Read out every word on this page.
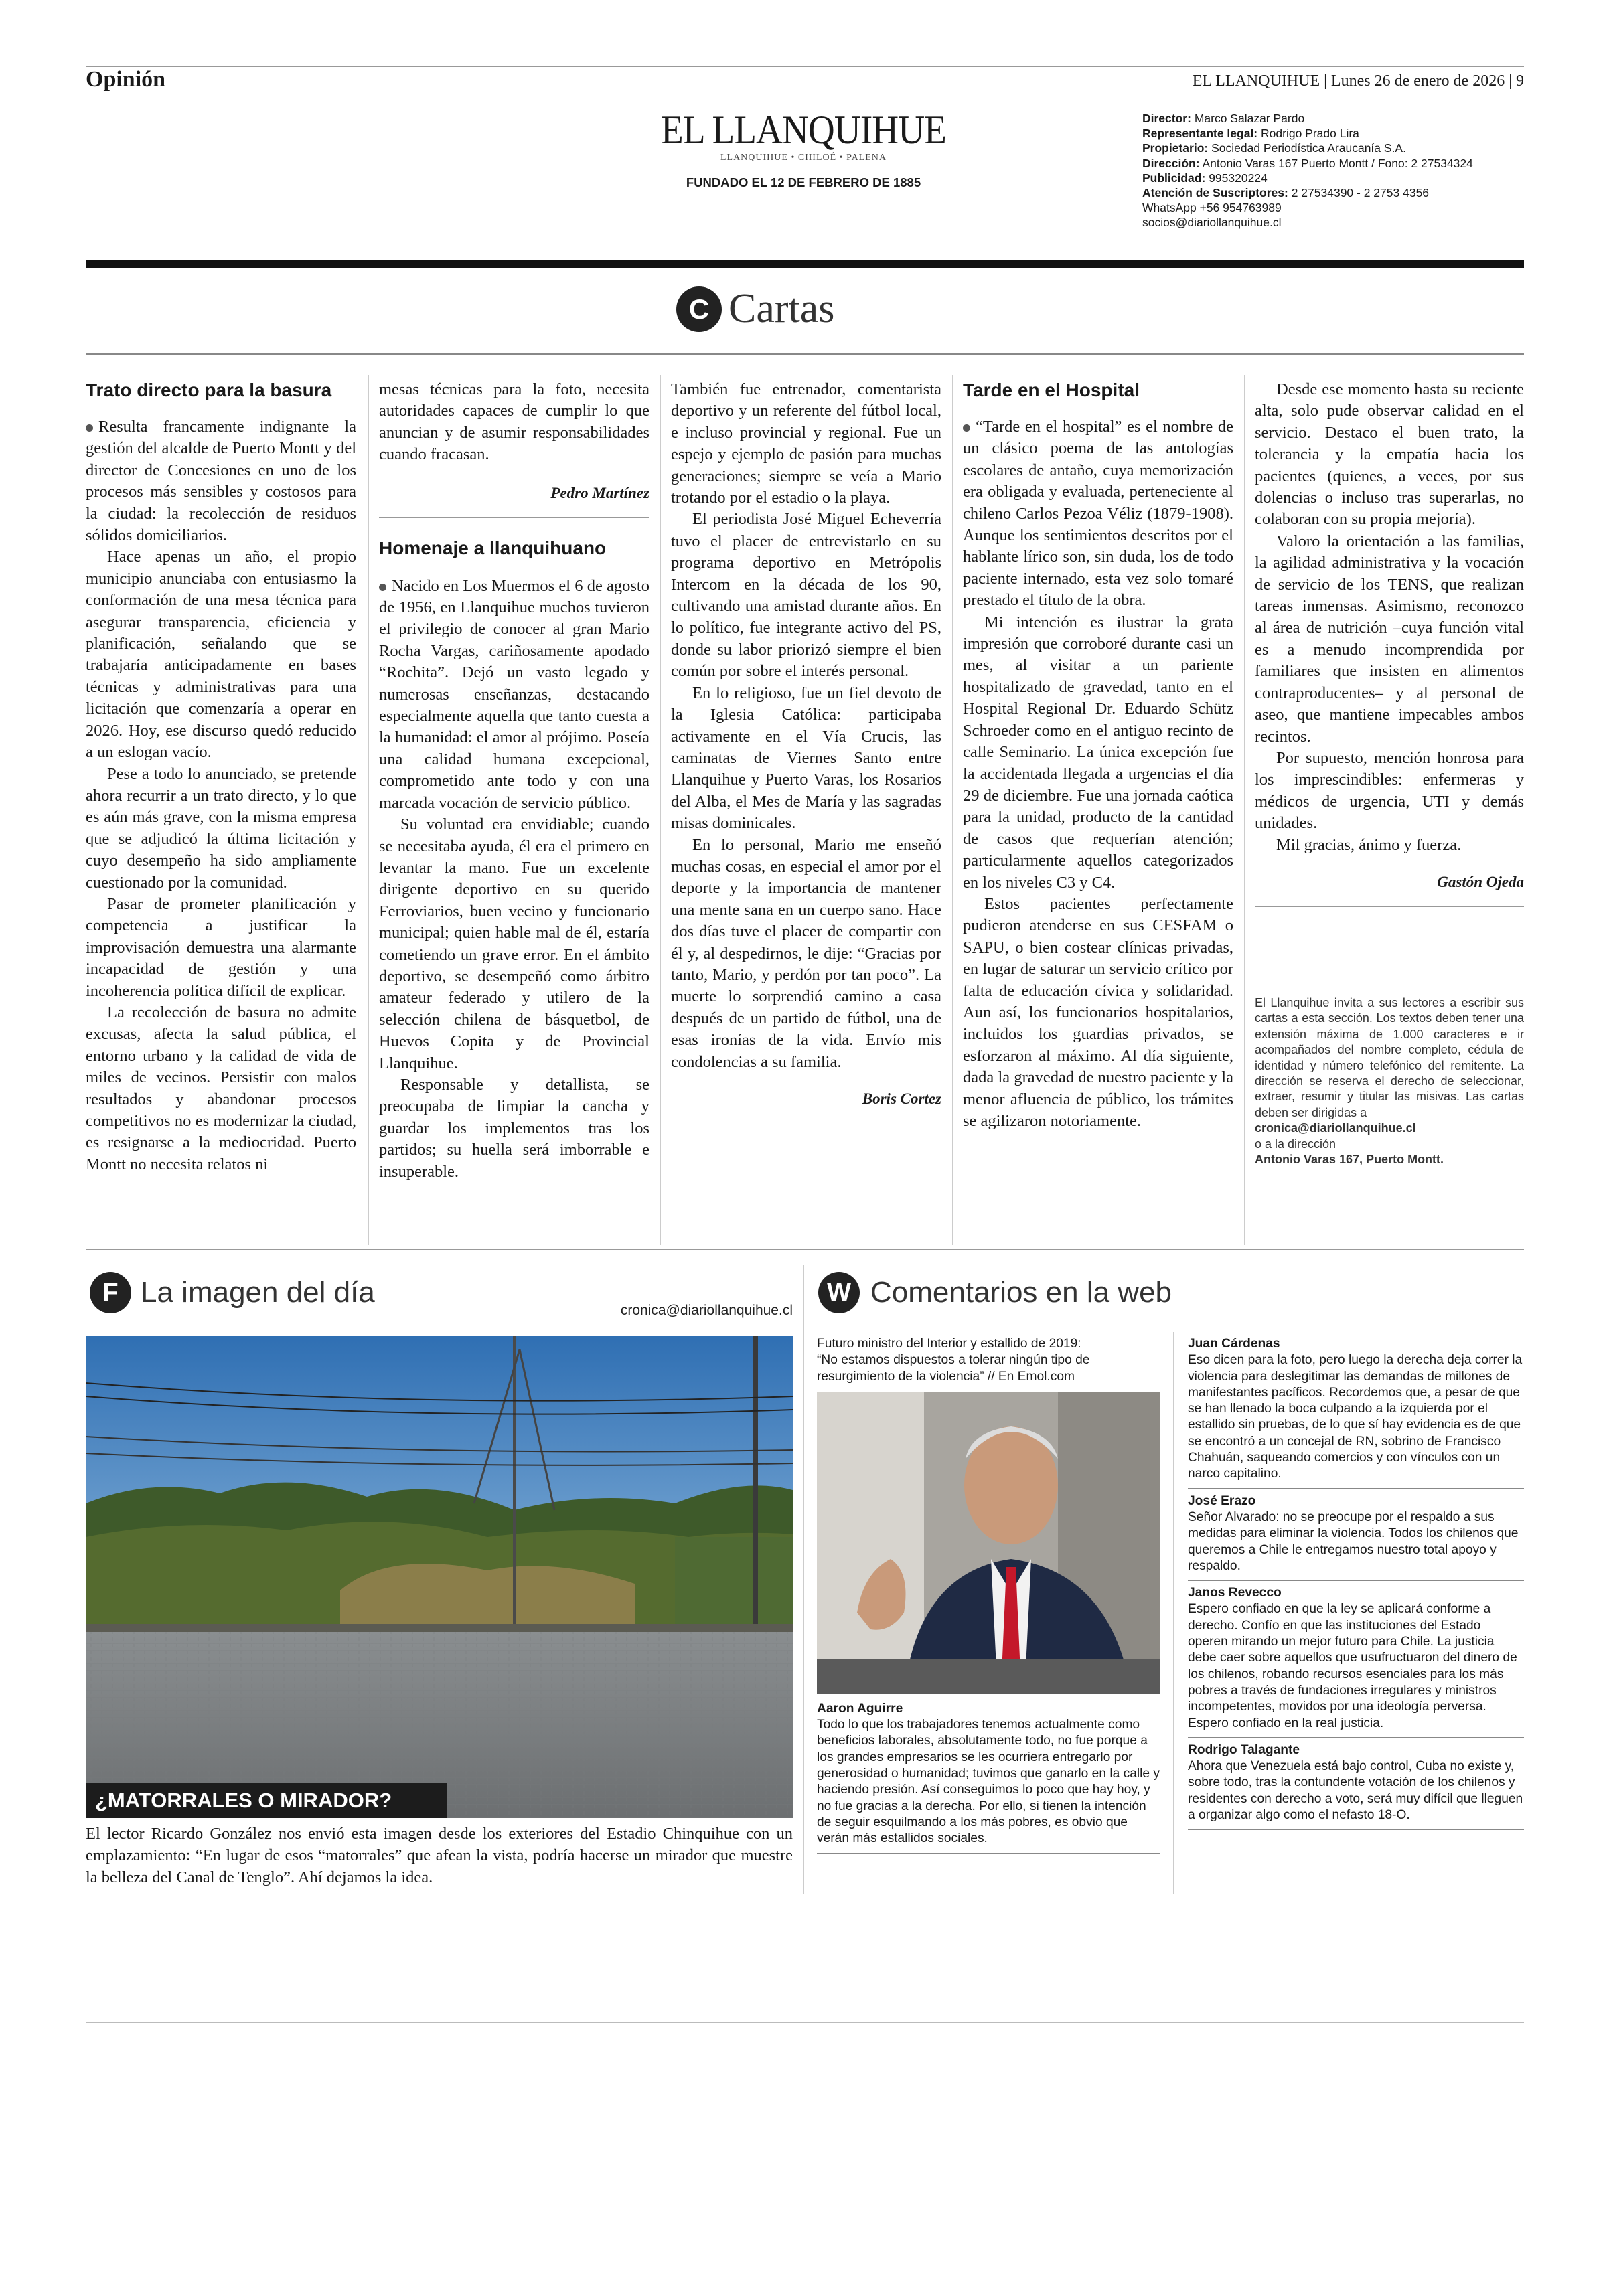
Opinión	EL LLANQUIHUE | Lunes 26 de enero de 2026 | 9
EL LLANQUIHUE
LLANQUIHUE • CHILOÉ • PALENA
FUNDADO EL 12 DE FEBRERO DE 1885
Director: Marco Salazar Pardo
Representante legal: Rodrigo Prado Lira
Propietario: Sociedad Periodística Araucanía S.A.
Dirección: Antonio Varas 167 Puerto Montt / Fono: 2 27534324
Publicidad: 995320224
Atención de Suscriptores: 2 27534390 - 2 2753 4356
WhatsApp +56 954763989
socios@diariollanquihue.cl
C Cartas
Trato directo para la basura

Resulta francamente indignante la gestión del alcalde de Puerto Montt y del director de Concesiones en uno de los procesos más sensibles y costosos para la ciudad: la recolección de residuos sólidos domiciliarios.

Hace apenas un año, el propio municipio anunciaba con entusiasmo la conformación de una mesa técnica para asegurar transparencia, eficiencia y planificación, señalando que se trabajaría anticipadamente en bases técnicas y administrativas para una licitación que comenzaría a operar en 2026. Hoy, ese discurso quedó reducido a un eslogan vacío.

Pese a todo lo anunciado, se pretende ahora recurrir a un trato directo, y lo que es aún más grave, con la misma empresa que se adjudicó la última licitación y cuyo desempeño ha sido ampliamente cuestionado por la comunidad.

Pasar de prometer planificación y competencia a justificar la improvisación demuestra una alarmante incapacidad de gestión y una incoherencia política difícil de explicar.

La recolección de basura no admite excusas, afecta la salud pública, el entorno urbano y la calidad de vida de miles de vecinos. Persistir con malos resultados y abandonar procesos competitivos no es modernizar la ciudad, es resignarse a la mediocridad. Puerto Montt no necesita relatos ni

mesas técnicas para la foto, necesita autoridades capaces de cumplir lo que anuncian y de asumir responsabilidades cuando fracasan.

Pedro Martínez
Homenaje a llanquihuano

Nacido en Los Muermos el 6 de agosto de 1956, en Llanquihue muchos tuvieron el privilegio de conocer al gran Mario Rocha Vargas, cariñosamente apodado “Rochita”. Dejó un vasto legado y numerosas enseñanzas, destacando especialmente aquella que tanto cuesta a la humanidad: el amor al prójimo. Poseía una calidad humana excepcional, comprometido ante todo y con una marcada vocación de servicio público.

Su voluntad era envidiable; cuando se necesitaba ayuda, él era el primero en levantar la mano. Fue un excelente dirigente deportivo en su querido Ferroviarios, buen vecino y funcionario municipal; quien hable mal de él, estaría cometiendo un grave error. En el ámbito deportivo, se desempeñó como árbitro amateur federado y utilero de la selección chilena de básquetbol, de Huevos Copita y de Provincial Llanquihue.

Responsable y detallista, se preocupaba de limpiar la cancha y guardar los implementos tras los partidos; su huella será imborrable e insuperable.

También fue entrenador, comentarista deportivo y un referente del fútbol local, e incluso provincial y regional. Fue un espejo y ejemplo de pasión para muchas generaciones; siempre se veía a Mario trotando por el estadio o la playa.

El periodista José Miguel Echeverría tuvo el placer de entrevistarlo en su programa deportivo en Metrópolis Intercom en la década de los 90, cultivando una amistad durante años. En lo político, fue integrante activo del PS, donde su labor priorizó siempre el bien común por sobre el interés personal.

En lo religioso, fue un fiel devoto de la Iglesia Católica: participaba activamente en el Vía Crucis, las caminatas de Viernes Santo entre Llanquihue y Puerto Varas, los Rosarios del Alba, el Mes de María y las sagradas misas dominicales.

En lo personal, Mario me enseñó muchas cosas, en especial el amor por el deporte y la importancia de mantener una mente sana en un cuerpo sano. Hace dos días tuve el placer de compartir con él y, al despedirnos, le dije: “Gracias por tanto, Mario, y perdón por tan poco”. La muerte lo sorprendió camino a casa después de un partido de fútbol, una de esas ironías de la vida. Envío mis condolencias a su familia.

Boris Cortez
Tarde en el Hospital

“Tarde en el hospital” es el nombre de un clásico poema de las antologías escolares de antaño, cuya memorización era obligada y evaluada, perteneciente al chileno Carlos Pezoa Véliz (1879-1908). Aunque los sentimientos descritos por el hablante lírico son, sin duda, los de todo paciente internado, esta vez solo tomaré prestado el título de la obra.

Mi intención es ilustrar la grata impresión que corroboré durante casi un mes, al visitar a un pariente hospitalizado de gravedad, tanto en el Hospital Regional Dr. Eduardo Schütz Schroeder como en el antiguo recinto de calle Seminario. La única excepción fue la accidentada llegada a urgencias el día 29 de diciembre. Fue una jornada caótica para la unidad, producto de la cantidad de casos que requerían atención; particularmente aquellos categorizados en los niveles C3 y C4.

Estos pacientes perfectamente pudieron atenderse en sus CESFAM o SAPU, o bien costear clínicas privadas, en lugar de saturar un servicio crítico por falta de educación cívica y solidaridad. Aun así, los funcionarios hospitalarios, incluidos los guardias privados, se esforzaron al máximo. Al día siguiente, dada la gravedad de nuestro paciente y la menor afluencia de público, los trámites se agilizaron notoriamente.

Desde ese momento hasta su reciente alta, solo pude observar calidad en el servicio. Destaco el buen trato, la tolerancia y la empatía hacia los pacientes (quienes, a veces, por sus dolencias o incluso tras superarlas, no colaboran con su propia mejoría).

Valoro la orientación a las familias, la agilidad administrativa y la vocación de servicio de los TENS, que realizan tareas inmensas. Asimismo, reconozco al área de nutrición –cuya función vital es a menudo incomprendida por familiares que insisten en alimentos contraproducentes– y al personal de aseo, que mantiene impecables ambos recintos.

Por supuesto, mención honrosa para los imprescindibles: enfermeras y médicos de urgencia, UTI y demás unidades.

Mil gracias, ánimo y fuerza.

Gastón Ojeda
El Llanquihue invita a sus lectores a escribir sus cartas a esta sección. Los textos deben tener una extensión máxima de 1.000 caracteres e ir acompañados del nombre completo, cédula de identidad y número telefónico del remitente. La dirección se reserva el derecho de seleccionar, extraer, resumir y titular las misivas. Las cartas deben ser dirigidas a
cronica@diariollanquihue.cl
o a la dirección
Antonio Varas 167, Puerto Montt.
F La imagen del día
cronica@diariollanquihue.cl
¿MATORRALES O MIRADOR?
El lector Ricardo González nos envió esta imagen desde los exteriores del Estadio Chinquihue con un emplazamiento: “En lugar de esos “matorrales” que afean la vista, podría hacerse un mirador que muestre la belleza del Canal de Tenglo”. Ahí dejamos la idea.
W Comentarios en la web
Futuro ministro del Interior y estallido de 2019:
“No estamos dispuestos a tolerar ningún tipo de resurgimiento de la violencia” // En Emol.com
Aaron Aguirre
Todo lo que los trabajadores tenemos actualmente como beneficios laborales, absolutamente todo, no fue porque a los grandes empresarios se les ocurriera entregarlo por generosidad o humanidad; tuvimos que ganarlo en la calle y haciendo presión. Así conseguimos lo poco que hay hoy, y no fue gracias a la derecha. Por ello, si tienen la intención de seguir esquilmando a los más pobres, es obvio que verán más estallidos sociales.
Juan Cárdenas
Eso dicen para la foto, pero luego la derecha deja correr la violencia para deslegitimar las demandas de millones de manifestantes pacíficos. Recordemos que, a pesar de que se han llenado la boca culpando a la izquierda por el estallido sin pruebas, de lo que sí hay evidencia es de que se encontró a un concejal de RN, sobrino de Francisco Chahuán, saqueando comercios y con vínculos con un narco capitalino.
José Erazo
Señor Alvarado: no se preocupe por el respaldo a sus medidas para eliminar la violencia. Todos los chilenos que queremos a Chile le entregamos nuestro total apoyo y respaldo.
Janos Revecco
Espero confiado en que la ley se aplicará conforme a derecho. Confío en que las instituciones del Estado operen mirando un mejor futuro para Chile. La justicia debe caer sobre aquellos que usufructuaron del dinero de los chilenos, robando recursos esenciales para los más pobres a través de fundaciones irregulares y ministros incompetentes, movidos por una ideología perversa. Espero confiado en la real justicia.
Rodrigo Talagante
Ahora que Venezuela está bajo control, Cuba no existe y, sobre todo, tras la contundente votación de los chilenos y residentes con derecho a voto, será muy difícil que lleguen a organizar algo como el nefasto 18-O.
